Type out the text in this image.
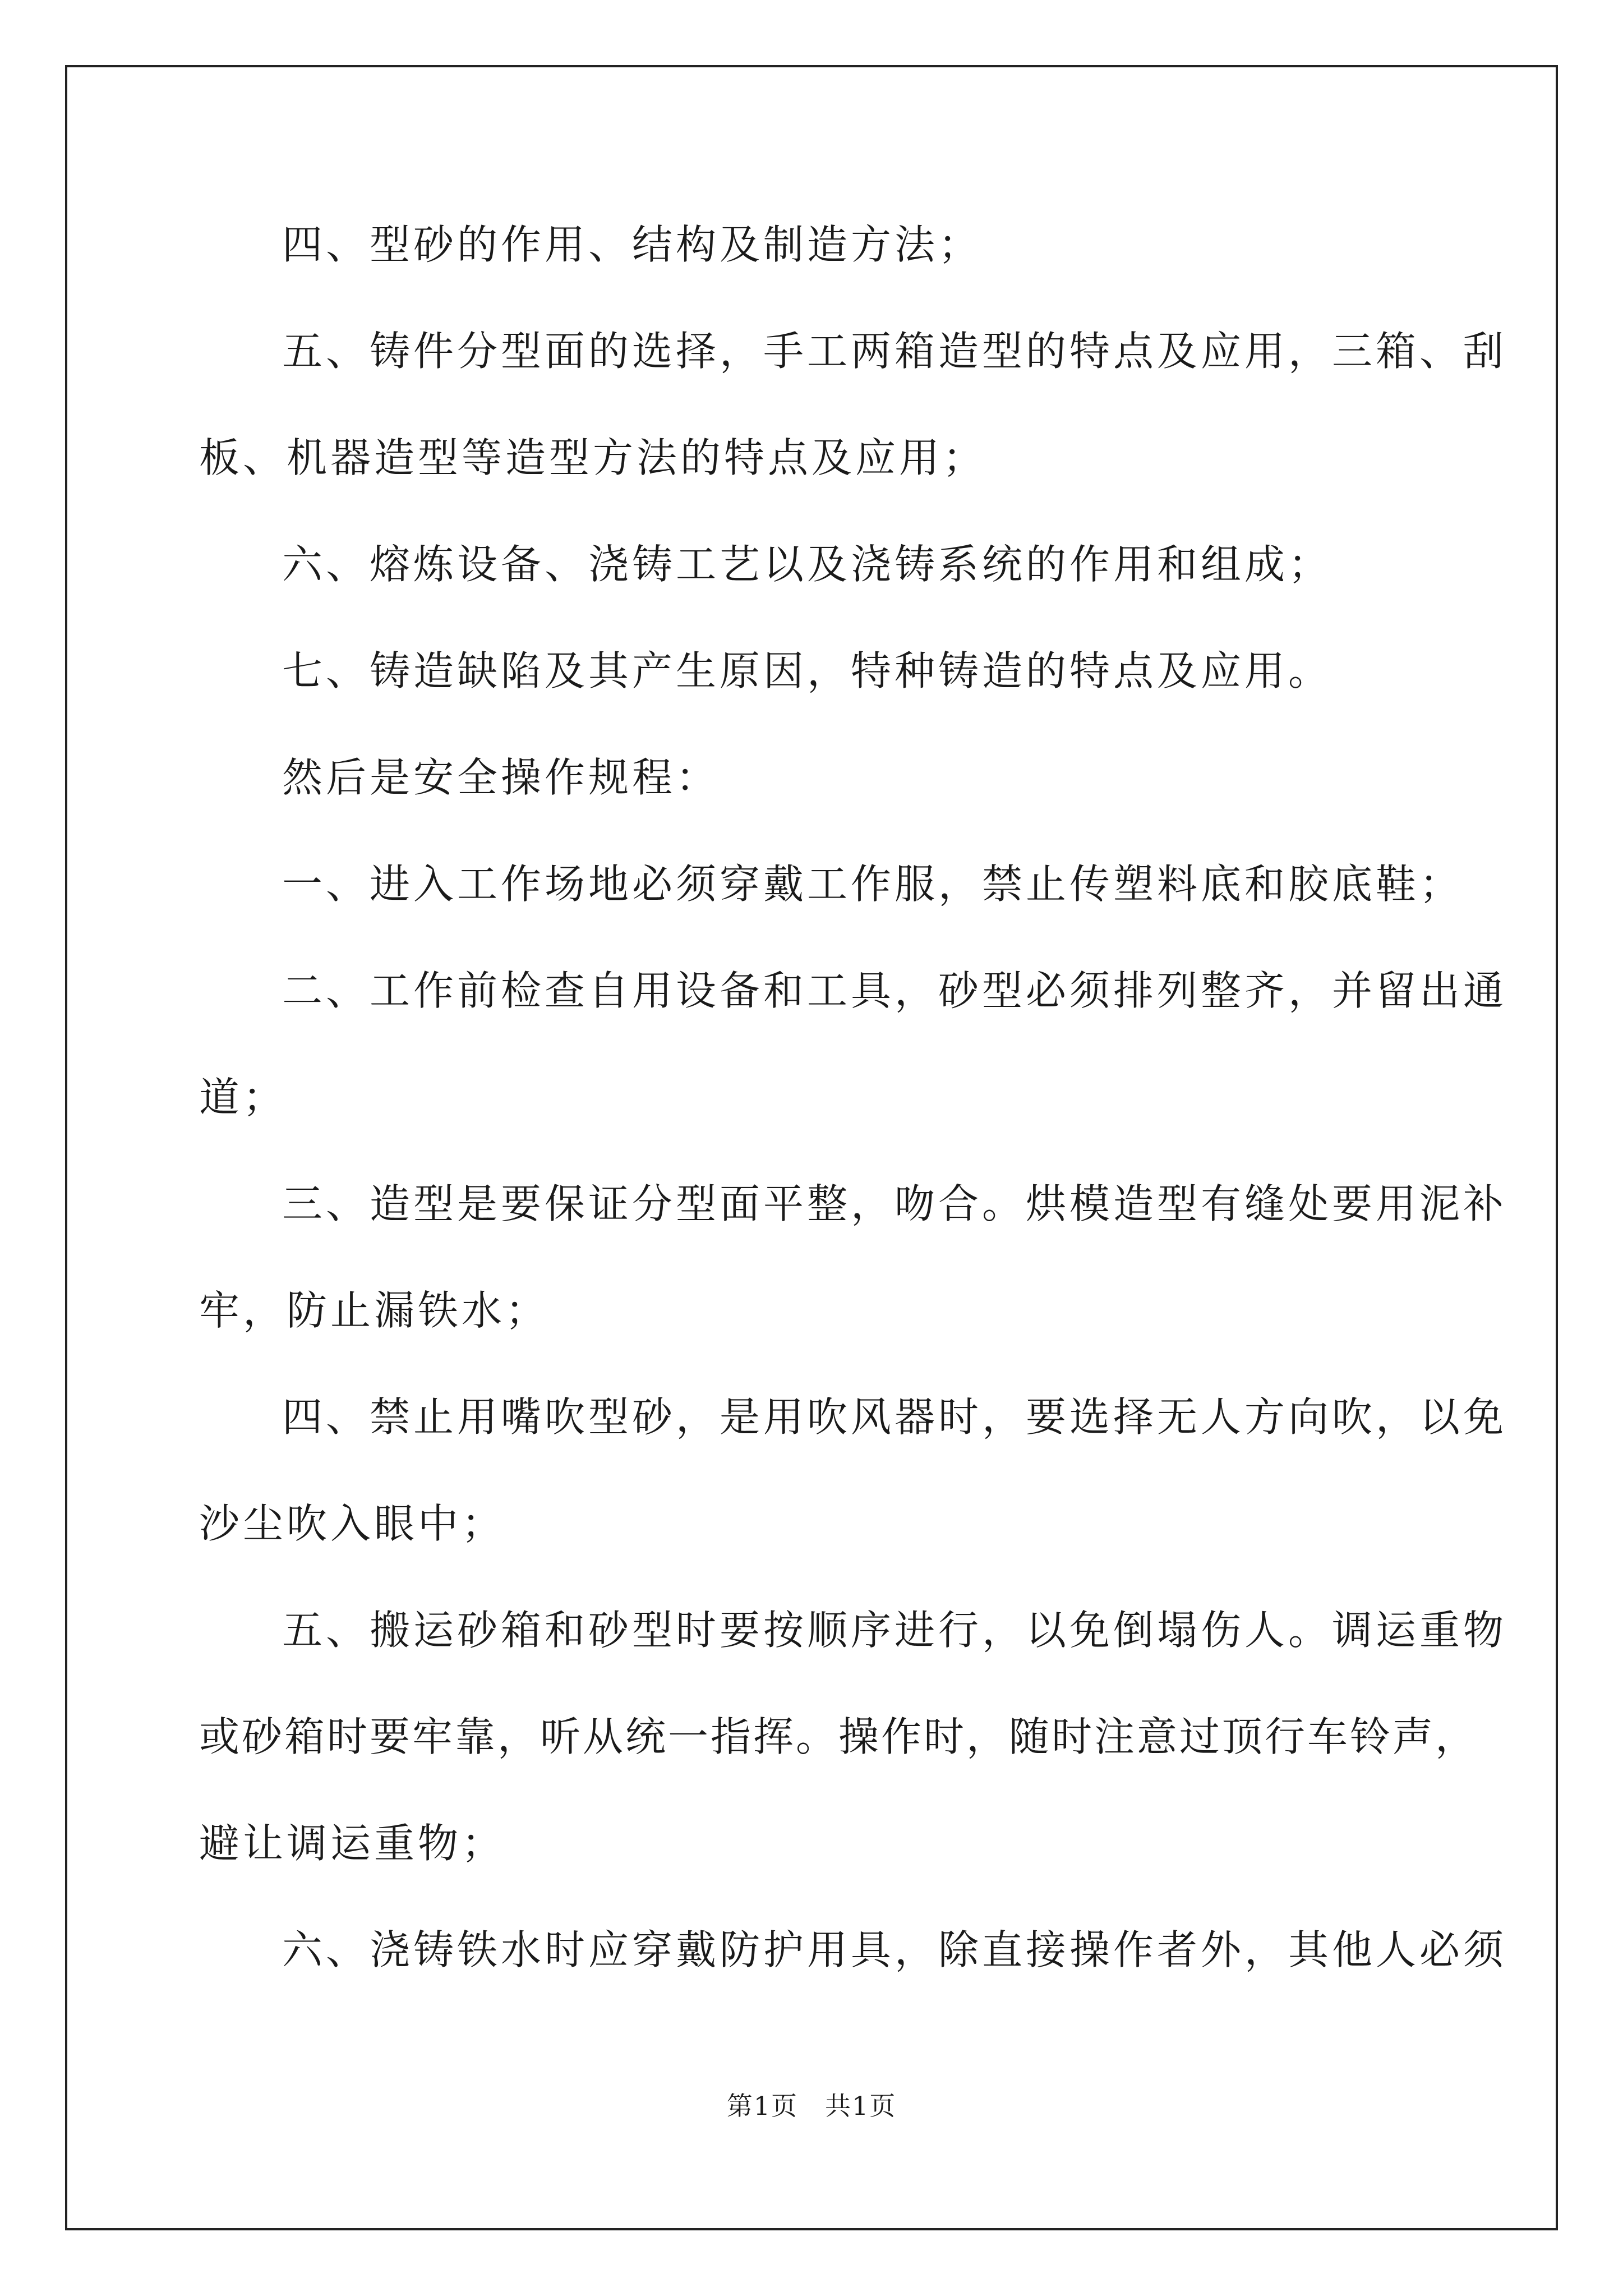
四、型砂的作用、结构及制造方法；
五、铸件分型面的选择，手工两箱造型的特点及应用，三箱、刮
板、机器造型等造型方法的特点及应用；
六、熔炼设备、浇铸工艺以及浇铸系统的作用和组成；
七、铸造缺陷及其产生原因，特种铸造的特点及应用。
然后是安全操作规程：
一、进入工作场地必须穿戴工作服，禁止传塑料底和胶底鞋；
二、工作前检查自用设备和工具，砂型必须排列整齐，并留出通
道；
三、造型是要保证分型面平整，吻合。烘模造型有缝处要用泥补
牢，防止漏铁水；
四、禁止用嘴吹型砂，是用吹风器时，要选择无人方向吹，以免
沙尘吹入眼中；
五、搬运砂箱和砂型时要按顺序进行，以免倒塌伤人。调运重物
或砂箱时要牢靠，听从统一指挥。操作时，随时注意过顶行车铃声，
避让调运重物；
六、浇铸铁水时应穿戴防护用具，除直接操作者外，其他人必须
第1页　共1页
